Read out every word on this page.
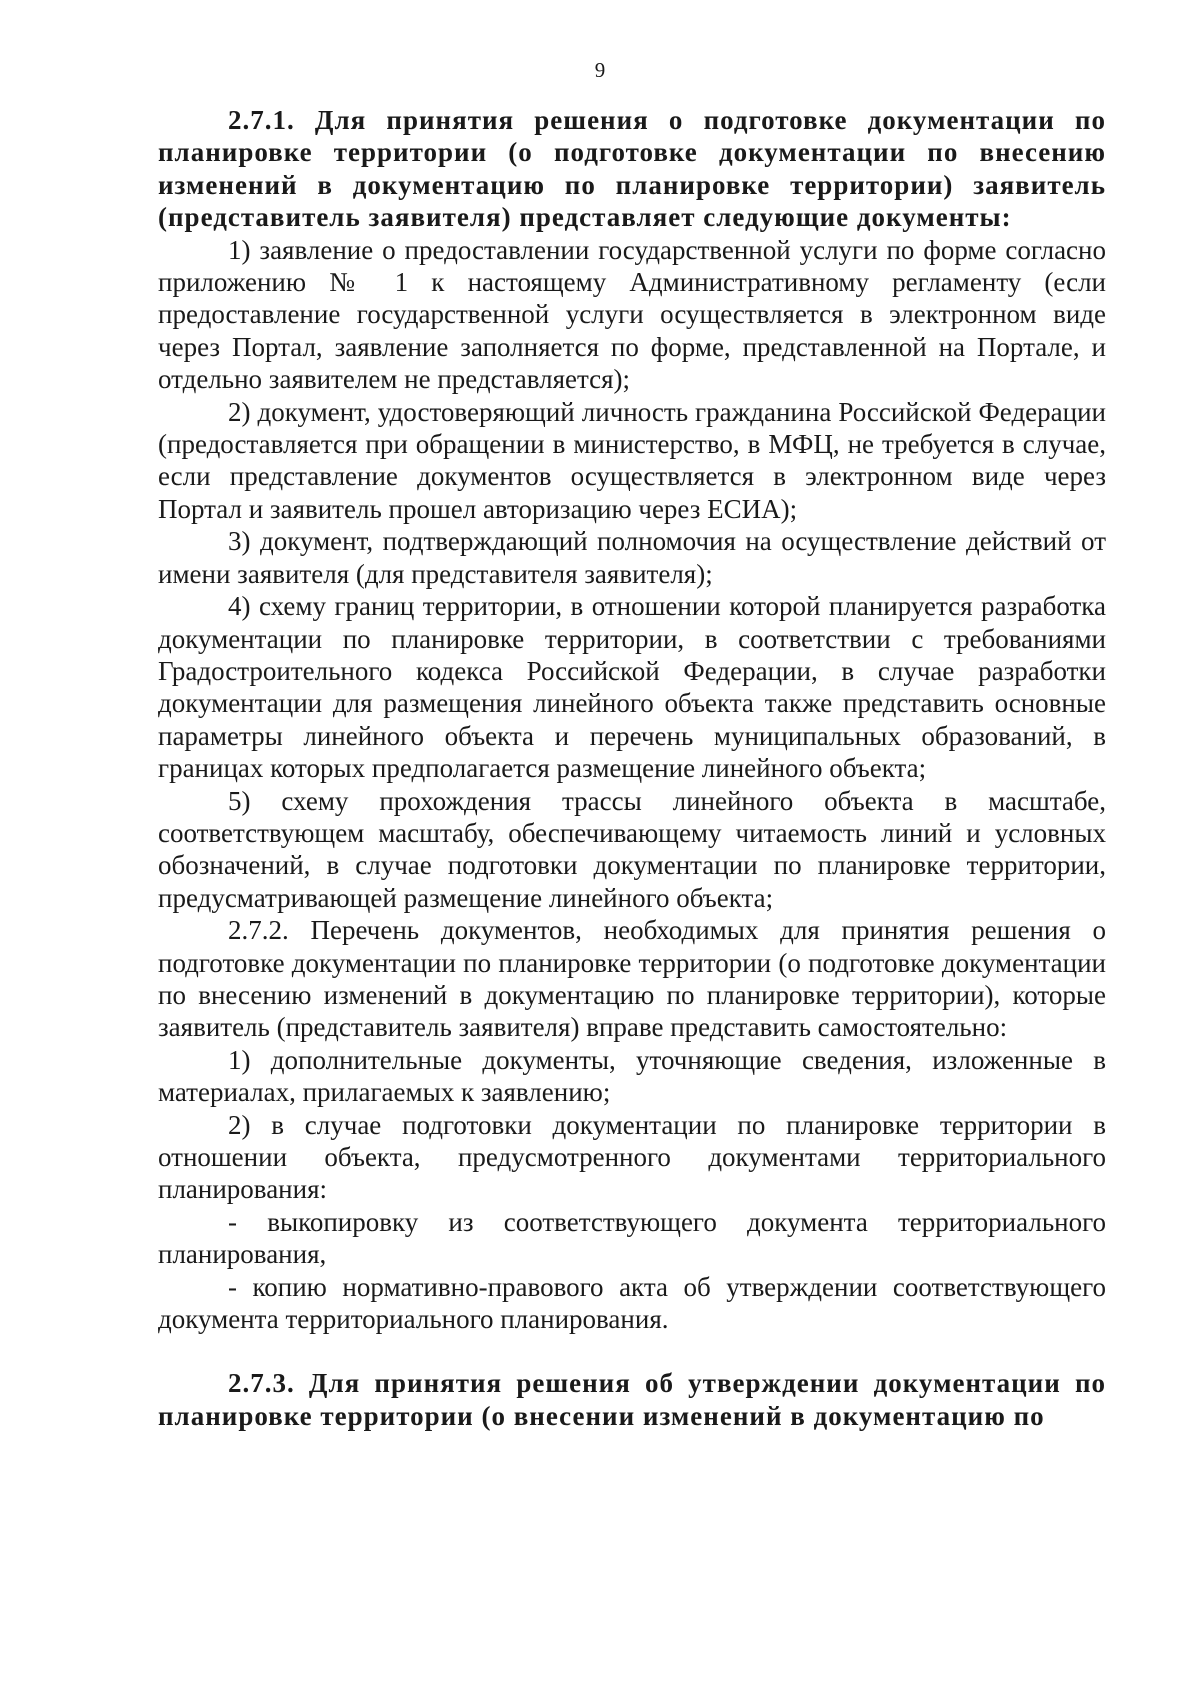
9

2.7.1. Для принятия решения о подготовке документации по планировке территории (о подготовке документации по внесению изменений в документацию по планировке территории) заявитель (представитель заявителя) представляет следующие документы:

1) заявление о предоставлении государственной услуги по форме согласно приложению № 1 к настоящему Административному регламенту (если предоставление государственной услуги осуществляется в электронном виде через Портал, заявление заполняется по форме, представленной на Портале, и отдельно заявителем не представляется);

2) документ, удостоверяющий личность гражданина Российской Федерации (предоставляется при обращении в министерство, в МФЦ, не требуется в случае, если представление документов осуществляется в электронном виде через Портал и заявитель прошел авторизацию через ЕСИА);

3) документ, подтверждающий полномочия на осуществление действий от имени заявителя (для представителя заявителя);

4) схему границ территории, в отношении которой планируется разработка документации по планировке территории, в соответствии с требованиями Градостроительного кодекса Российской Федерации, в случае разработки документации для размещения линейного объекта также представить основные параметры линейного объекта и перечень муниципальных образований, в границах которых предполагается размещение линейного объекта;

5) схему прохождения трассы линейного объекта в масштабе, соответствующем масштабу, обеспечивающему читаемость линий и условных обозначений, в случае подготовки документации по планировке территории, предусматривающей размещение линейного объекта;

2.7.2. Перечень документов, необходимых для принятия решения о подготовке документации по планировке территории (о подготовке документации по внесению изменений в документацию по планировке территории), которые заявитель (представитель заявителя) вправе представить самостоятельно:

1) дополнительные документы, уточняющие сведения, изложенные в материалах, прилагаемых к заявлению;

2) в случае подготовки документации по планировке территории в отношении объекта, предусмотренного документами территориального планирования:

- выкопировку из соответствующего документа территориального планирования,

- копию нормативно-правового акта об утверждении соответствующего документа территориального планирования.

2.7.3. Для принятия решения об утверждении документации по планировке территории (о внесении изменений в документацию по
